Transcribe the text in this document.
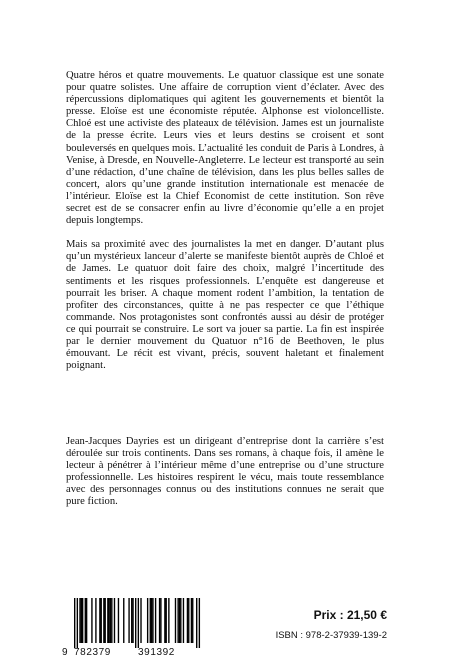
Quatre héros et quatre mouvements. Le quatuor classique est une sonate pour quatre solistes. Une affaire de corruption vient d’éclater. Avec des répercussions diplomatiques qui agitent les gouvernements et bientôt la presse. Eloïse est une économiste réputée. Alphonse est violoncelliste. Chloé est une activiste des plateaux de télévision. James est un journaliste de la presse écrite. Leurs vies et leurs destins se croisent et sont bouleversés en quelques mois. L’actualité les conduit de Paris à Londres, à Venise, à Dresde, en Nouvelle-Angleterre. Le lecteur est transporté au sein d’une rédaction, d’une chaîne de télévision, dans les plus belles salles de concert, alors qu’une grande institution internationale est menacée de l’intérieur. Eloïse est la Chief Economist de cette institution. Son rêve secret est de se consacrer enfin au livre d’économie qu’elle a en projet depuis longtemps.

Mais sa proximité avec des journalistes la met en danger. D’autant plus qu’un mystérieux lanceur d’alerte se manifeste bientôt auprès de Chloé et de James. Le quatuor doit faire des choix, malgré l’incertitude des sentiments et les risques professionnels. L’enquête est dangereuse et pourrait les briser. A chaque moment rodent l’ambition, la tentation de profiter des circonstances, quitte à ne pas respecter ce que l’éthique commande. Nos protagonistes sont confrontés aussi au désir de protéger ce qui pourrait se construire. Le sort va jouer sa partie. La fin est inspirée par le dernier mouvement du Quatuor n°16 de Beethoven, le plus émouvant. Le récit est vivant, précis, souvent haletant et finalement poignant.

Jean-Jacques Dayries est un dirigeant d’entreprise dont la carrière s’est déroulée sur trois continents. Dans ses romans, à chaque fois, il amène le lecteur à pénétrer à l’intérieur même d’une entreprise ou d’une structure professionnelle. Les histoires respirent le vécu, mais toute ressemblance avec des personnages connus ou des institutions connues ne serait que pure fiction.

9 782379	391392
Prix : 21,50 €
ISBN : 978-2-37939-139-2
